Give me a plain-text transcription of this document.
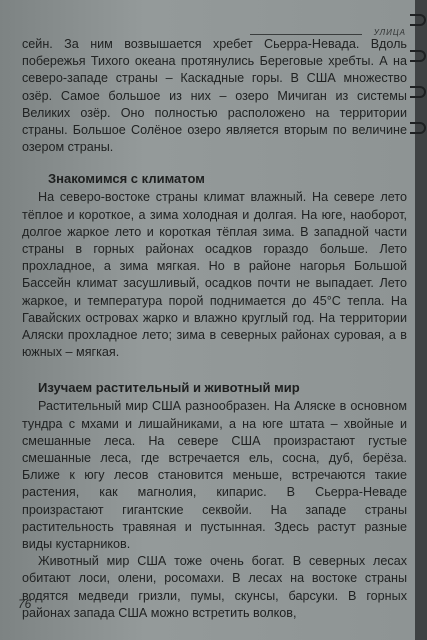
УЛИЦА

сейн. За ним возвышается хребет Сьерра-Невада. Вдоль побережья Тихого океана протянулись Береговые хребты. А на северо-западе страны – Каскадные горы. В США множество озёр. Самое большое из них – озеро Мичиган из системы Великих озёр. Оно полностью расположено на территории страны. Большое Солёное озеро является вторым по величине озером страны.

Знакомимся с климатом

На северо-востоке страны климат влажный. На севере лето тёплое и короткое, а зима холодная и долгая. На юге, наоборот, долгое жаркое лето и короткая тёплая зима. В западной части страны в горных районах осадков гораздо больше. Лето прохладное, а зима мягкая. Но в районе нагорья Большой Бассейн климат засушливый, осадков почти не выпадает. Лето жаркое, и температура порой поднимается до 45°C тепла. На Гавайских островах жарко и влажно круглый год. На территории Аляски прохладное лето; зима в северных районах суровая, а в южных – мягкая.

Изучаем растительный и животный мир

Растительный мир США разнообразен. На Аляске в основном тундра с мхами и лишайниками, а на юге штата – хвойные и смешанные леса. На севере США произрастают густые смешанные леса, где встречается ель, сосна, дуб, берёза. Ближе к югу лесов становится меньше, встречаются такие растения, как магнолия, кипарис. В Сьерра-Неваде произрастают гигантские секвойи. На западе страны растительность травяная и пустынная. Здесь растут разные виды кустарников.

Животный мир США тоже очень богат. В северных лесах обитают лоси, олени, росомахи. В лесах на востоке страны водятся медведи гризли, пумы, скунсы, барсуки. В горных районах запада США можно встретить волков,

76
